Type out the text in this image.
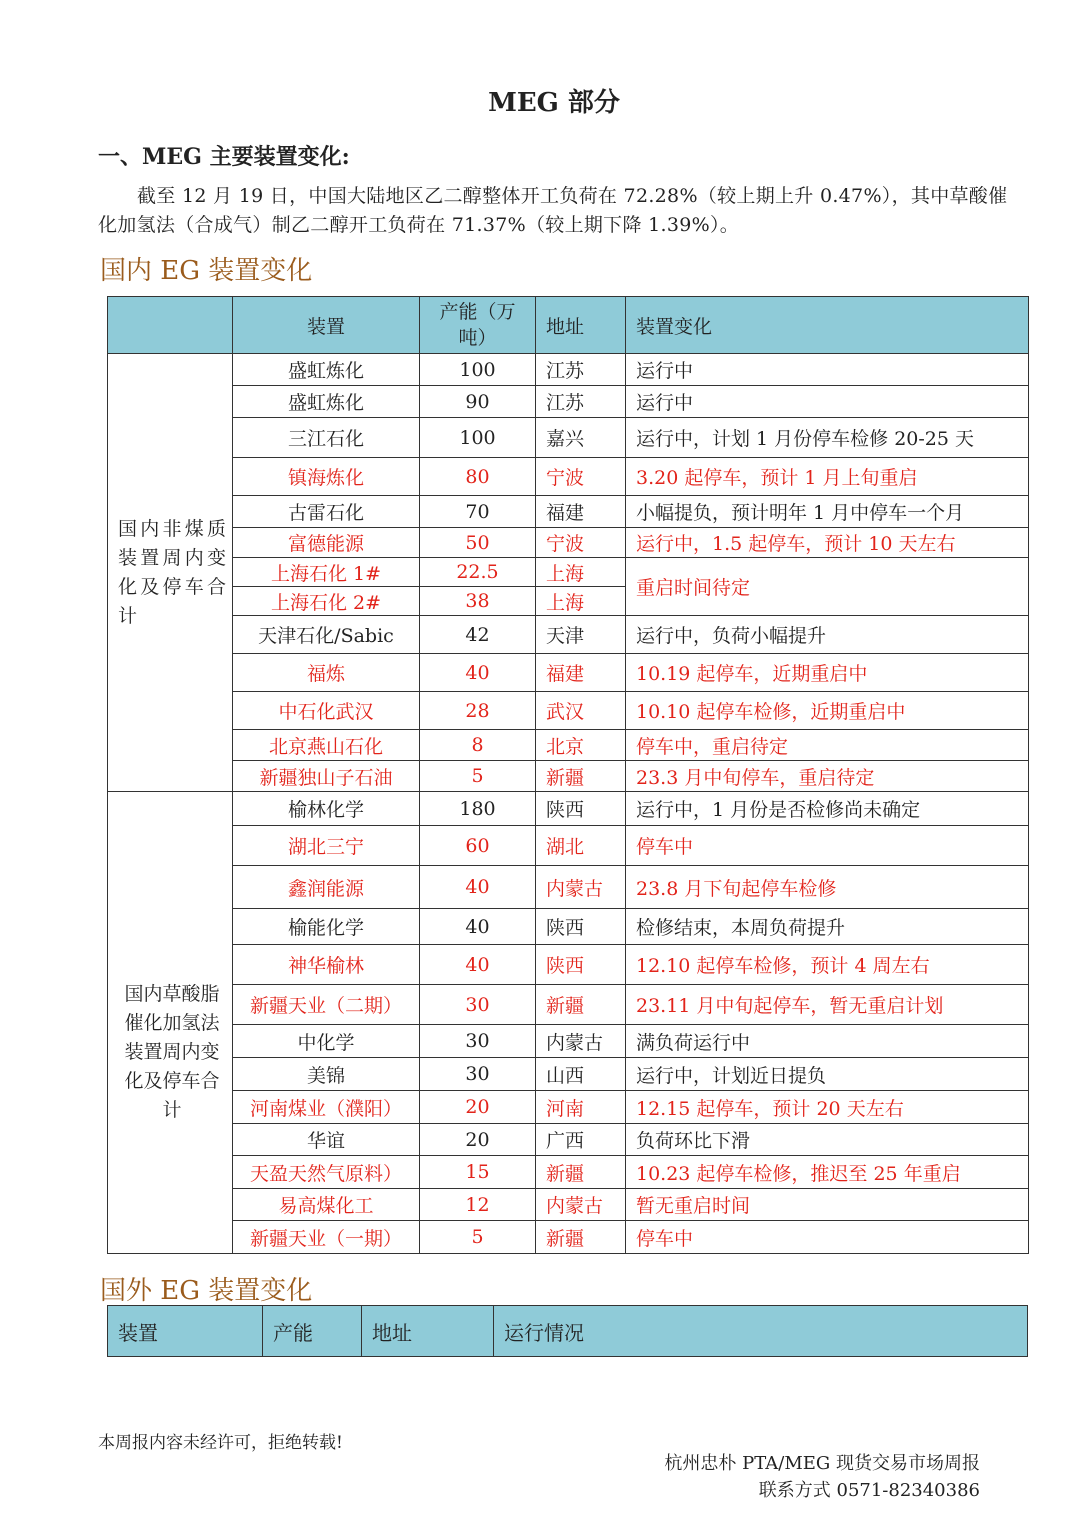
MEG 部分
一、MEG 主要装置变化:
截至 12 月 19 日，中国大陆地区乙二醇整体开工负荷在 72.28%（较上期上升 0.47%），其中草酸催化加氢法（合成气）制乙二醇开工负荷在 71.37%（较上期下降 1.39%）。
国内 EG 装置变化
	装置	产能（万吨）	地址	装置变化
国内非煤质装置周内变化及停车合计	盛虹炼化	100	江苏	运行中
	盛虹炼化	90	江苏	运行中
	三江石化	100	嘉兴	运行中，计划 1 月份停车检修 20-25 天
	镇海炼化	80	宁波	3.20 起停车，预计 1 月上旬重启
	古雷石化	70	福建	小幅提负，预计明年 1 月中停车一个月
	富德能源	50	宁波	运行中，1.5 起停车，预计 10 天左右
	上海石化 1#	22.5	上海	重启时间待定
	上海石化 2#	38	上海	
	天津石化/Sabic	42	天津	运行中，负荷小幅提升
	福炼	40	福建	10.19 起停车，近期重启中
	中石化武汉	28	武汉	10.10 起停车检修，近期重启中
	北京燕山石化	8	北京	停车中，重启待定
	新疆独山子石油	5	新疆	23.3 月中旬停车，重启待定
国内草酸脂催化加氢法装置周内变化及停车合计	榆林化学	180	陕西	运行中，1 月份是否检修尚未确定
	湖北三宁	60	湖北	停车中
	鑫润能源	40	内蒙古	23.8 月下旬起停车检修
	榆能化学	40	陕西	检修结束，本周负荷提升
	神华榆林	40	陕西	12.10 起停车检修，预计 4 周左右
	新疆天业（二期）	30	新疆	23.11 月中旬起停车，暂无重启计划
	中化学	30	内蒙古	满负荷运行中
	美锦	30	山西	运行中，计划近日提负
	河南煤业（濮阳）	20	河南	12.15 起停车，预计 20 天左右
	华谊	20	广西	负荷环比下滑
	天盈天然气原料）	15	新疆	10.23 起停车检修，推迟至 25 年重启
	易高煤化工	12	内蒙古	暂无重启时间
	新疆天业（一期）	5	新疆	停车中
国外 EG 装置变化
装置	产能	地址	运行情况
本周报内容未经许可，拒绝转载!
杭州忠朴 PTA/MEG 现货交易市场周报
联系方式 0571-82340386
